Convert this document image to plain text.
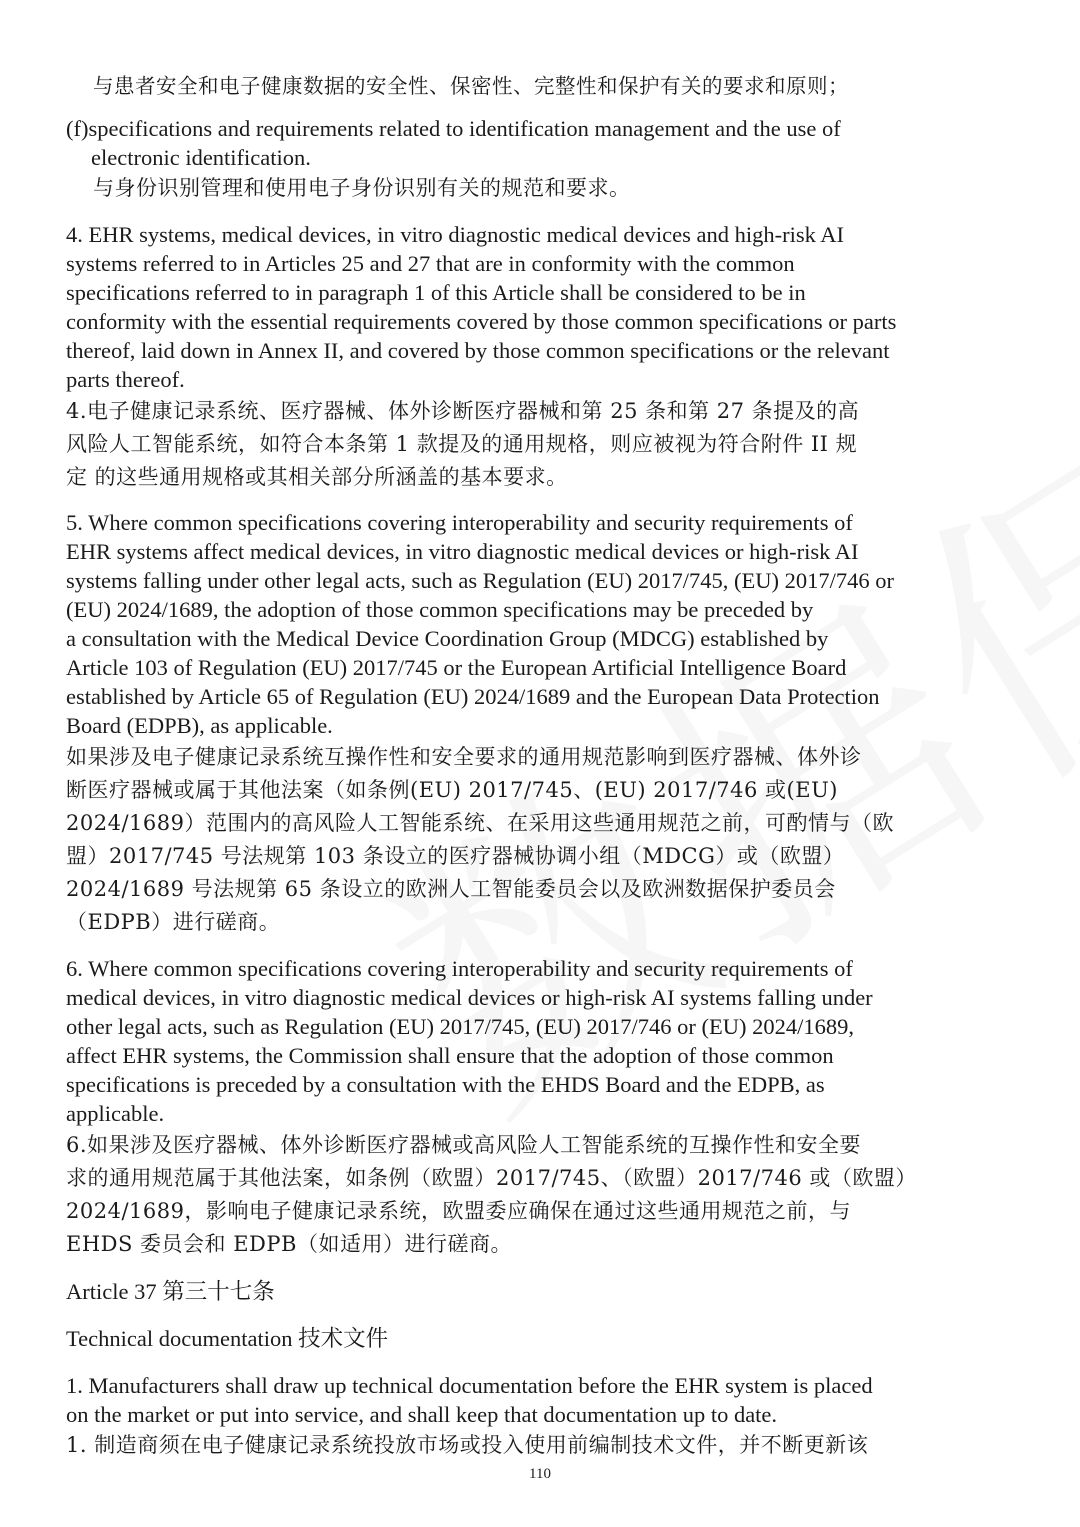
与患者安全和电子健康数据的安全性、保密性、完整性和保护有关的要求和原则；
(f)specifications and requirements related to identification management and the use of
electronic identification.
与身份识别管理和使用电子身份识别有关的规范和要求。
4. EHR systems, medical devices, in vitro diagnostic medical devices and high-risk AI
systems referred to in Articles 25 and 27 that are in conformity with the common
specifications referred to in paragraph 1 of this Article shall be considered to be in
conformity with the essential requirements covered by those common specifications or parts
thereof, laid down in Annex II, and covered by those common specifications or the relevant
parts thereof.
4.电子健康记录系统、医疗器械、体外诊断医疗器械和第 25 条和第 27 条提及的高
风险人工智能系统，如符合本条第 1 款提及的通用规格，则应被视为符合附件 II 规
定 的这些通用规格或其相关部分所涵盖的基本要求。
5. Where common specifications covering interoperability and security requirements of
EHR systems affect medical devices, in vitro diagnostic medical devices or high-risk AI
systems falling under other legal acts, such as Regulation (EU) 2017/745, (EU) 2017/746 or
(EU) 2024/1689, the adoption of those common specifications may be preceded by
a consultation with the Medical Device Coordination Group (MDCG) established by
Article 103 of Regulation (EU) 2017/745 or the European Artificial Intelligence Board
established by Article 65 of Regulation (EU) 2024/1689 and the European Data Protection
Board (EDPB), as applicable.
如果涉及电子健康记录系统互操作性和安全要求的通用规范影响到医疗器械、体外诊
断医疗器械或属于其他法案（如条例(EU) 2017/745、(EU) 2017/746 或(EU)
2024/1689）范围内的高风险人工智能系统、在采用这些通用规范之前，可酌情与（欧
盟）2017/745 号法规第 103 条设立的医疗器械协调小组（MDCG）或（欧盟）
2024/1689 号法规第 65 条设立的欧洲人工智能委员会以及欧洲数据保护委员会
（EDPB）进行磋商。
6. Where common specifications covering interoperability and security requirements of
medical devices, in vitro diagnostic medical devices or high-risk AI systems falling under
other legal acts, such as Regulation (EU) 2017/745, (EU) 2017/746 or (EU) 2024/1689,
affect EHR systems, the Commission shall ensure that the adoption of those common
specifications is preceded by a consultation with the EHDS Board and the EDPB, as
applicable.
6.如果涉及医疗器械、体外诊断医疗器械或高风险人工智能系统的互操作性和安全要
求的通用规范属于其他法案，如条例（欧盟）2017/745、（欧盟）2017/746 或（欧盟）
2024/1689，影响电子健康记录系统，欧盟委应确保在通过这些通用规范之前，与
EHDS 委员会和 EDPB（如适用）进行磋商。
Article 37 第三十七条
Technical documentation 技术文件
1. Manufacturers shall draw up technical documentation before the EHR system is placed
on the market or put into service, and shall keep that documentation up to date.
1. 制造商须在电子健康记录系统投放市场或投入使用前编制技术文件，并不断更新该
110
